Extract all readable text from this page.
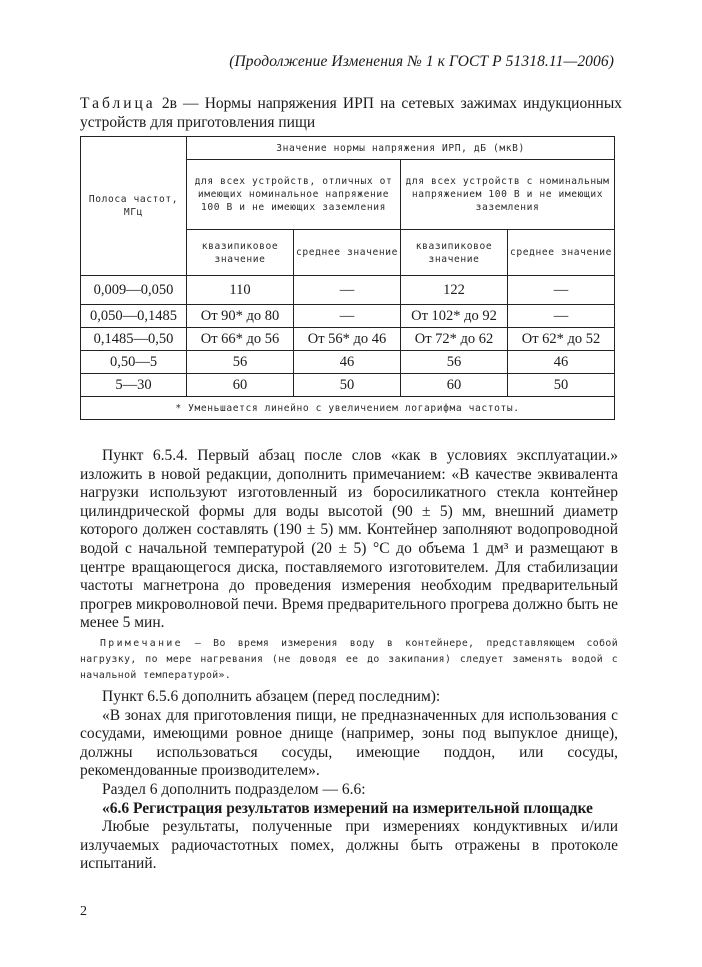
(Продолжение Изменения № 1 к ГОСТ Р 51318.11—2006)
Таблица 2в — Нормы напряжения ИРП на сетевых зажимах индукционных устройств для приготовления пищи
Полоса частот, МГц	Значение нормы напряжения ИРП, дБ (мкВ)			
	для всех устройств, отличных от имеющих номинальное напряжение 100 В и не имеющих заземления		для всех устройств с номинальным напряжением 100 В и не имеющих заземления	
	квазипиковое значение	среднее значение	квазипиковое значение	среднее значение
0,009—0,050	110	—	122	—
0,050—0,1485	От 90* до 80	—	От 102* до 92	—
0,1485—0,50	От 66* до 56	От 56* до 46	От 72* до 62	От 62* до 52
0,50—5	56	46	56	46
5—30	60	50	60	50
* Уменьшается линейно с увеличением логарифма частоты.				

Пункт 6.5.4. Первый абзац после слов «как в условиях эксплуатации.» изложить в новой редакции, дополнить примечанием: «В качестве эквивалента нагрузки используют изготовленный из боросиликатного стекла контейнер цилиндрической формы для воды высотой (90 ± 5) мм, внешний диаметр которого должен составлять (190 ± 5) мм. Контейнер заполняют водопроводной водой с начальной температурой (20 ± 5) °С до объема 1 дм³ и размещают в центре вращающегося диска, поставляемого изготовителем. Для стабилизации частоты магнетрона до проведения измерения необходим предварительный прогрев микроволновой печи. Время предварительного прогрева должно быть не менее 5 мин.

Примечание – Во время измерения воду в контейнере, представляющем собой нагрузку, по мере нагревания (не доводя ее до закипания) следует заменять водой с начальной температурой».

Пункт 6.5.6 дополнить абзацем (перед последним):

«В зонах для приготовления пищи, не предназначенных для использования с сосудами, имеющими ровное днище (например, зоны под выпуклое днище), должны использоваться сосуды, имеющие поддон, или сосуды, рекомендованные производителем».

Раздел 6 дополнить подразделом — 6.6:

«6.6 Регистрация результатов измерений на измерительной площадке

Любые результаты, полученные при измерениях кондуктивных и/или излучаемых радиочастотных помех, должны быть отражены в протоколе испытаний.

2
